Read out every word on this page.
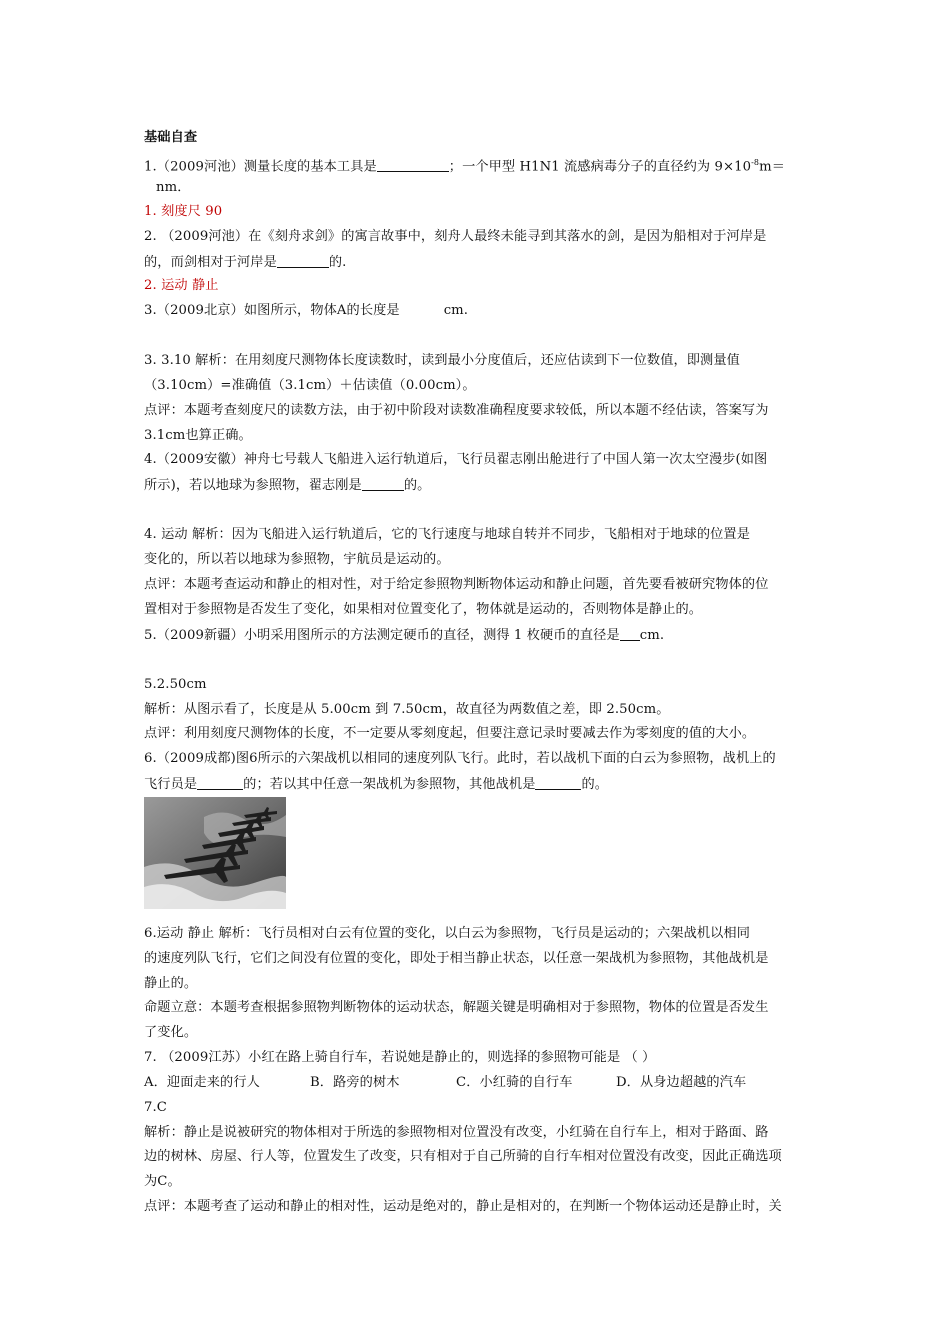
基础自查
1.（2009河池）测量长度的基本工具是	；一个甲型 H1N1 流感病毒分子的直径约为 $9\times 10^{-8}m=$
nm．
1. 刻度尺 90
2. （2009河池）在《刻舟求剑》的寓言故事中，刻舟人最终未能寻到其落水的剑，是因为船相对于河岸是
的，而剑相对于河岸是	的.
2. 运动 静止
3.（2009北京）如图所示，物体A的长度是	cm.
3. 3.10 解析：在用刻度尺测物体长度读数时，读到最小分度值后，还应估读到下一位数值，即测量值
（3.10cm）=准确值（3.1cm）＋估读值（0.00cm）。
点评：本题考查刻度尺的读数方法，由于初中阶段对读数准确程度要求较低，所以本题不经估读，答案写为
3.1cm也算正确。
4.（2009安徽）神舟七号载人飞船进入运行轨道后，飞行员翟志刚出舱进行了中国人第一次太空漫步(如图
所示)，若以地球为参照物，翟志刚是	的。
4. 运动 解析：因为飞船进入运行轨道后，它的飞行速度与地球自转并不同步，飞船相对于地球的位置是
变化的，所以若以地球为参照物，宇航员是运动的。
点评：本题考查运动和静止的相对性，对于给定参照物判断物体运动和静止问题，首先要看被研究物体的位
置相对于参照物是否发生了变化，如果相对位置变化了，物体就是运动的，否则物体是静止的。
5.（2009新疆）小明采用图所示的方法测定硬币的直径，测得 1 枚硬币的直径是 cm.
5.2.50cm
解析：从图示看了，长度是从 5.00cm 到 7.50cm，故直径为两数值之差，即 2.50cm。
点评：利用刻度尺测物体的长度，不一定要从零刻度起，但要注意记录时要减去作为零刻度的值的大小。
6.（2009成都)图6所示的六架战机以相同的速度列队飞行。此时，若以战机下面的白云为参照物，战机上的
飞行员是	的；若以其中任意一架战机为参照物，其他战机是	的。
6.运动 静止 解析：飞行员相对白云有位置的变化，以白云为参照物，飞行员是运动的；六架战机以相同
的速度列队飞行，它们之间没有位置的变化，即处于相当静止状态，以任意一架战机为参照物，其他战机是
静止的。
命题立意：本题考查根据参照物判断物体的运动状态，解题关键是明确相对于参照物，物体的位置是否发生
了变化。
7. （2009江苏）小红在路上骑自行车，若说她是静止的，则选择的参照物可能是 （ ）
A．迎面走来的行人	B．路旁的树木	C．小红骑的自行车	D．从身边超越的汽车
7.C
解析：静止是说被研究的物体相对于所选的参照物相对位置没有改变，小红骑在自行车上，相对于路面、路
边的树林、房屋、行人等，位置发生了改变，只有相对于自己所骑的自行车相对位置没有改变，因此正确选项
为C。
点评：本题考查了运动和静止的相对性，运动是绝对的，静止是相对的，在判断一个物体运动还是静止时，关
